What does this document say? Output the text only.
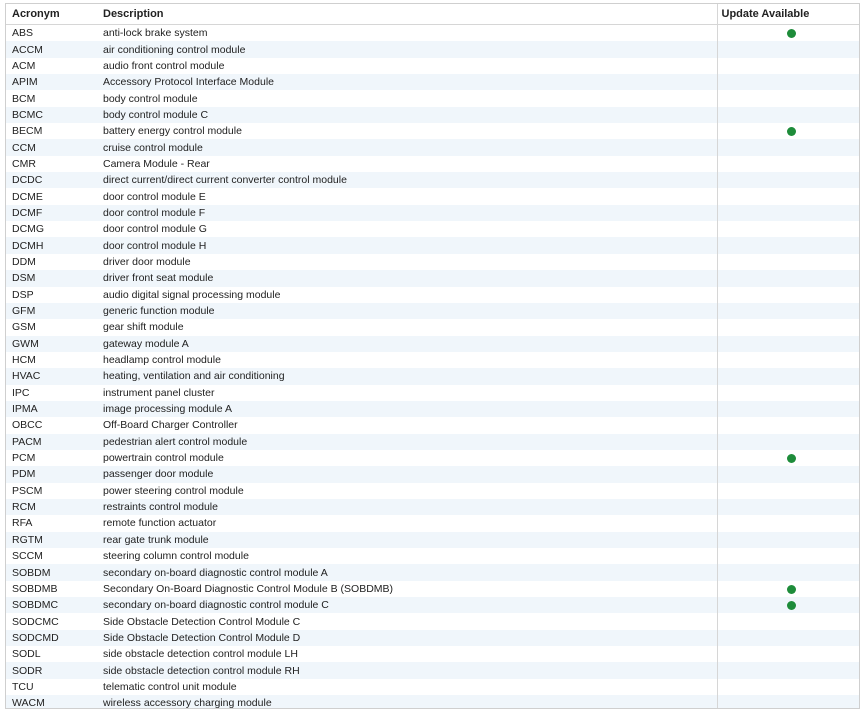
Acronym	Description	Update Available
ABS	anti-lock brake system	
ACCM	air conditioning control module	
ACM	audio front control module	
APIM	Accessory Protocol Interface Module	
BCM	body control module	
BCMC	body control module C	
BECM	battery energy control module	
CCM	cruise control module	
CMR	Camera Module - Rear	
DCDC	direct current/direct current converter control module	
DCME	door control module E	
DCMF	door control module F	
DCMG	door control module G	
DCMH	door control module H	
DDM	driver door module	
DSM	driver front seat module	
DSP	audio digital signal processing module	
GFM	generic function module	
GSM	gear shift module	
GWM	gateway module A	
HCM	headlamp control module	
HVAC	heating, ventilation and air conditioning	
IPC	instrument panel cluster	
IPMA	image processing module A	
OBCC	Off-Board Charger Controller	
PACM	pedestrian alert control module	
PCM	powertrain control module	
PDM	passenger door module	
PSCM	power steering control module	
RCM	restraints control module	
RFA	remote function actuator	
RGTM	rear gate trunk module	
SCCM	steering column control module	
SOBDM	secondary on-board diagnostic control module A	
SOBDMB	Secondary On-Board Diagnostic Control Module B (SOBDMB)	
SOBDMC	secondary on-board diagnostic control module C	
SODCMC	Side Obstacle Detection Control Module C	
SODCMD	Side Obstacle Detection Control Module D	
SODL	side obstacle detection control module LH	
SODR	side obstacle detection control module RH	
TCU	telematic control unit module	
WACM	wireless accessory charging module	
